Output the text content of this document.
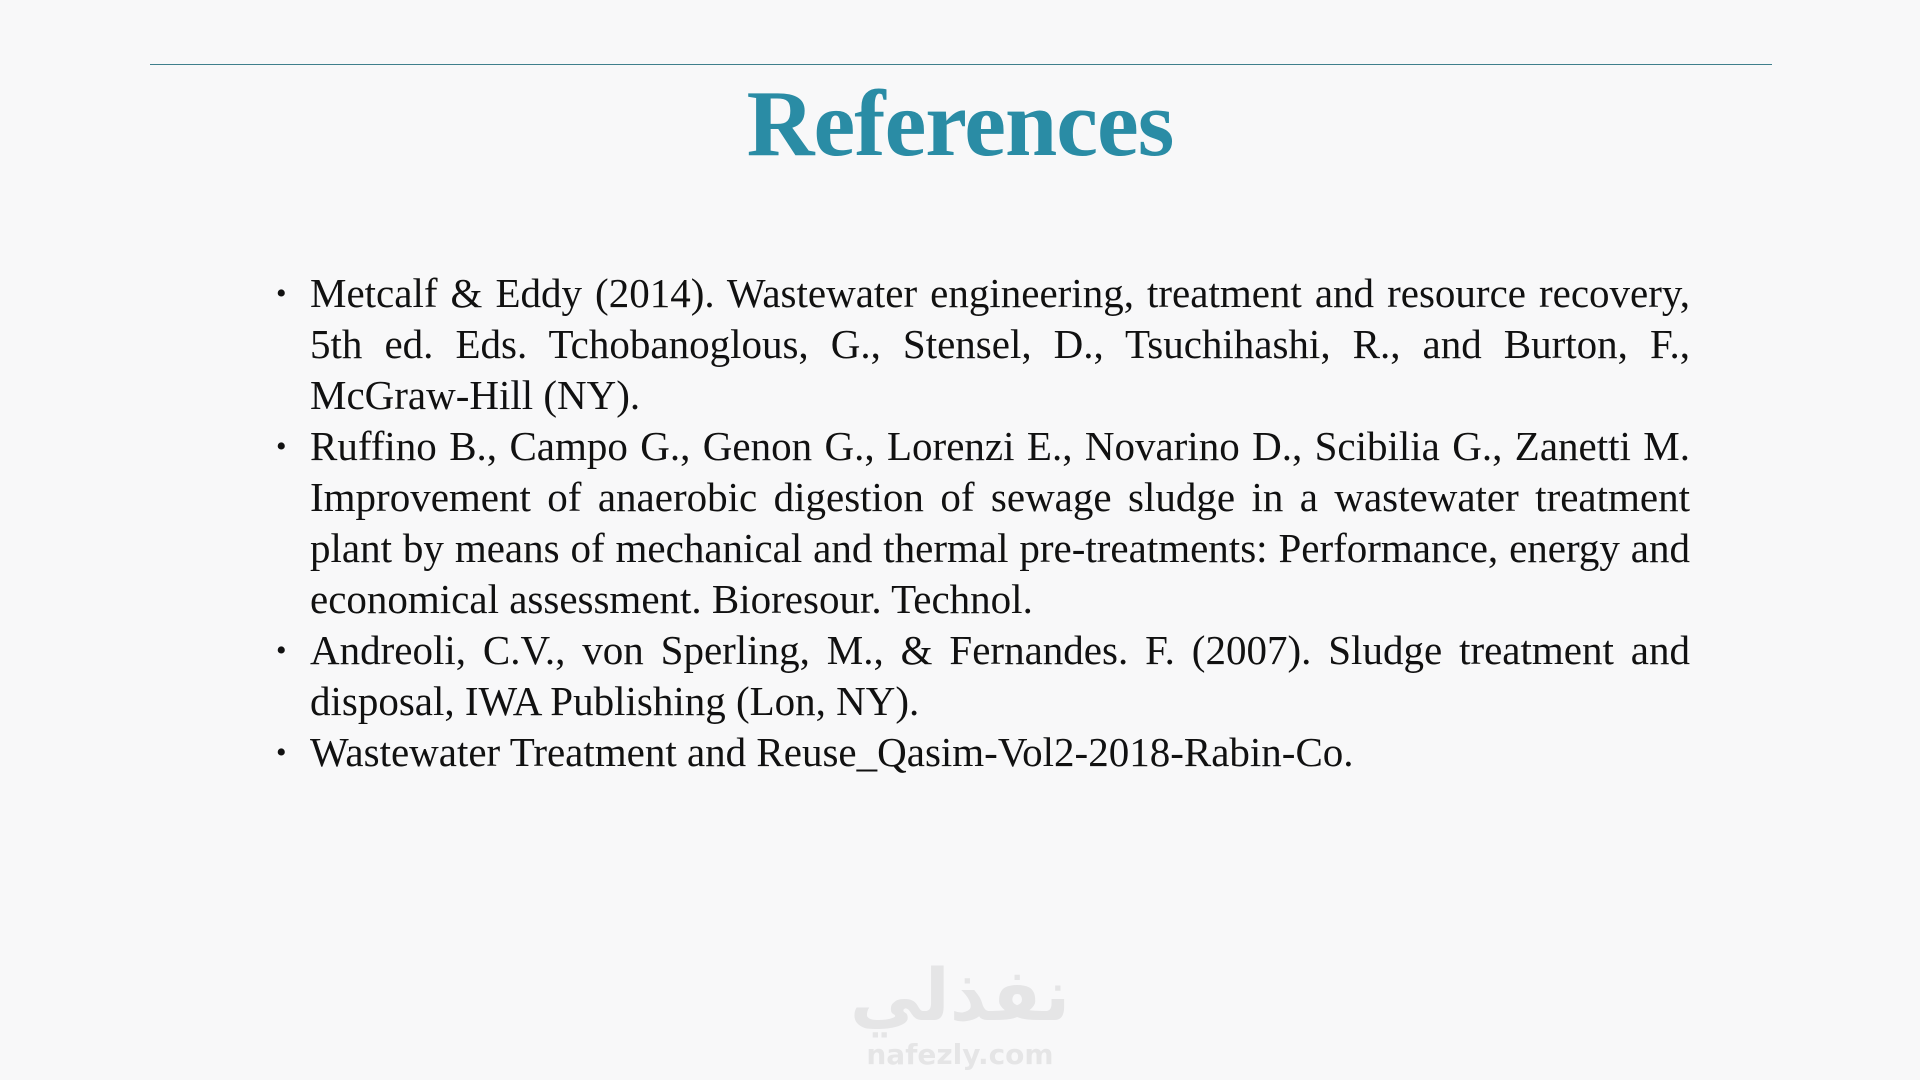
References
• Metcalf & Eddy (2014). Wastewater engineering, treatment and resource recovery, 5th ed. Eds. Tchobanoglous, G., Stensel, D., Tsuchihashi, R., and Burton, F., McGraw-Hill (NY).
• Ruffino B., Campo G., Genon G., Lorenzi E., Novarino D., Scibilia G., Zanetti M. Improvement of anaerobic digestion of sewage sludge in a wastewater treatment plant by means of mechanical and thermal pre-treatments: Performance, energy and economical assessment. Bioresour. Technol.
• Andreoli, C.V., von Sperling, M., & Fernandes. F. (2007). Sludge treatment and disposal, IWA Publishing (Lon, NY).
• Wastewater Treatment and Reuse_Qasim-Vol2-2018-Rabin-Co.
نفذلي
nafezly.com
